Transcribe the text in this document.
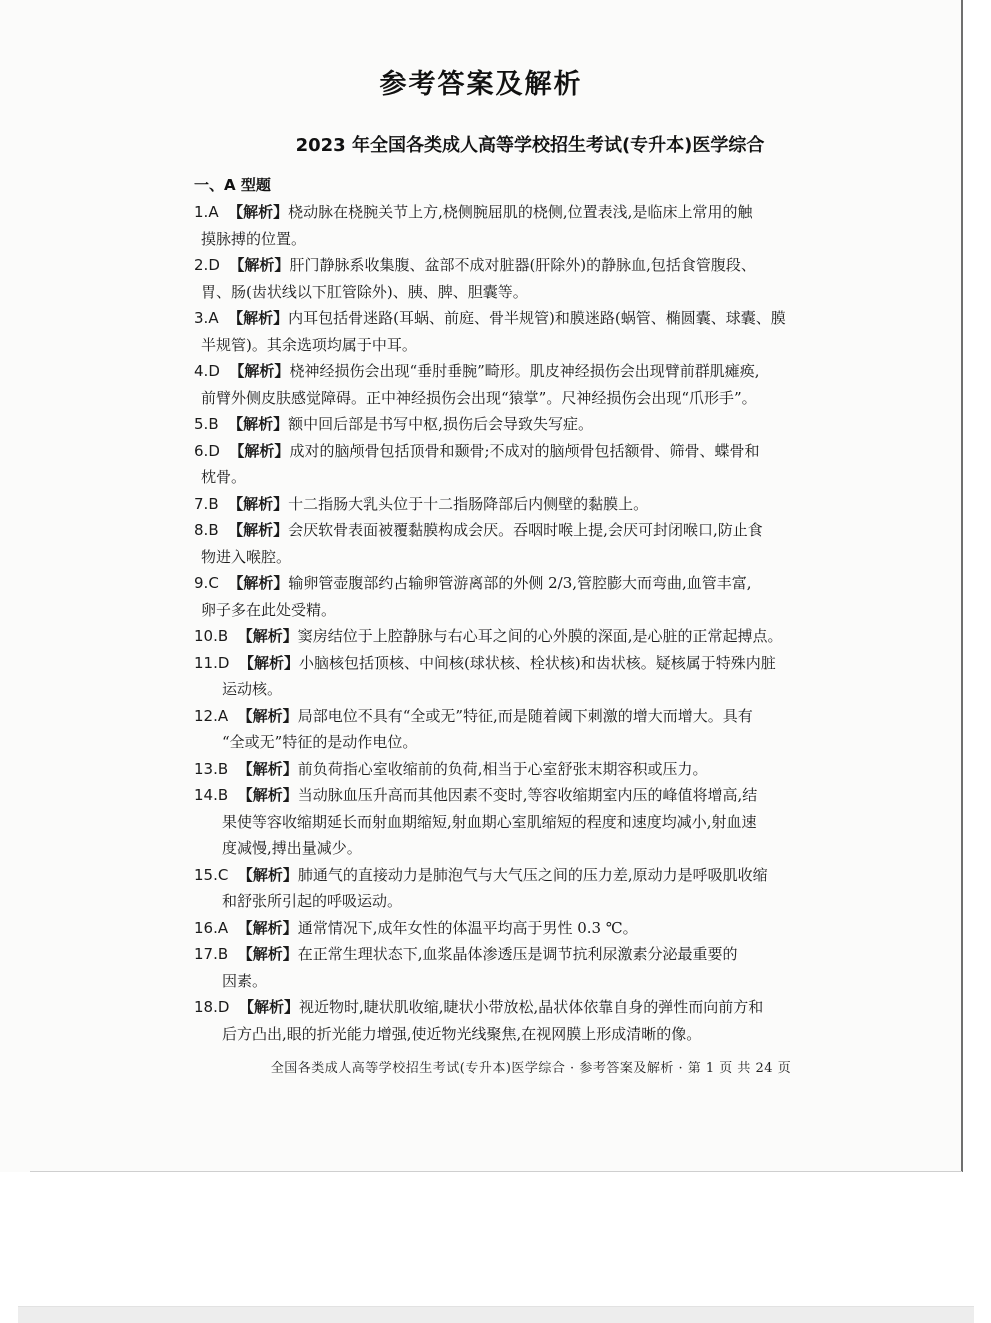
参考答案及解析
2023 年全国各类成人高等学校招生考试(专升本)医学综合
一、A 型题
1.A 【解析】桡动脉在桡腕关节上方,桡侧腕屈肌的桡侧,位置表浅,是临床上常用的触
摸脉搏的位置。
2.D 【解析】肝门静脉系收集腹、盆部不成对脏器(肝除外)的静脉血,包括食管腹段、
胃、肠(齿状线以下肛管除外)、胰、脾、胆囊等。
3.A 【解析】内耳包括骨迷路(耳蜗、前庭、骨半规管)和膜迷路(蜗管、椭圆囊、球囊、膜
半规管)。其余选项均属于中耳。
4.D 【解析】桡神经损伤会出现“垂肘垂腕”畸形。肌皮神经损伤会出现臂前群肌瘫痪,
前臂外侧皮肤感觉障碍。正中神经损伤会出现“猿掌”。尺神经损伤会出现“爪形手”。
5.B 【解析】额中回后部是书写中枢,损伤后会导致失写症。
6.D 【解析】成对的脑颅骨包括顶骨和颞骨;不成对的脑颅骨包括额骨、筛骨、蝶骨和
枕骨。
7.B 【解析】十二指肠大乳头位于十二指肠降部后内侧壁的黏膜上。
8.B 【解析】会厌软骨表面被覆黏膜构成会厌。吞咽时喉上提,会厌可封闭喉口,防止食
物进入喉腔。
9.C 【解析】输卵管壶腹部约占输卵管游离部的外侧 2/3,管腔膨大而弯曲,血管丰富,
卵子多在此处受精。
10.B 【解析】窦房结位于上腔静脉与右心耳之间的心外膜的深面,是心脏的正常起搏点。
11.D 【解析】小脑核包括顶核、中间核(球状核、栓状核)和齿状核。疑核属于特殊内脏
运动核。
12.A 【解析】局部电位不具有“全或无”特征,而是随着阈下刺激的增大而增大。具有
“全或无”特征的是动作电位。
13.B 【解析】前负荷指心室收缩前的负荷,相当于心室舒张末期容积或压力。
14.B 【解析】当动脉血压升高而其他因素不变时,等容收缩期室内压的峰值将增高,结
果使等容收缩期延长而射血期缩短,射血期心室肌缩短的程度和速度均减小,射血速
度减慢,搏出量减少。
15.C 【解析】肺通气的直接动力是肺泡气与大气压之间的压力差,原动力是呼吸肌收缩
和舒张所引起的呼吸运动。
16.A 【解析】通常情况下,成年女性的体温平均高于男性 0.3 ℃。
17.B 【解析】在正常生理状态下,血浆晶体渗透压是调节抗利尿激素分泌最重要的
因素。
18.D 【解析】视近物时,睫状肌收缩,睫状小带放松,晶状体依靠自身的弹性而向前方和
后方凸出,眼的折光能力增强,使近物光线聚焦,在视网膜上形成清晰的像。
全国各类成人高等学校招生考试(专升本)医学综合 · 参考答案及解析 · 第 1 页 共 24 页
